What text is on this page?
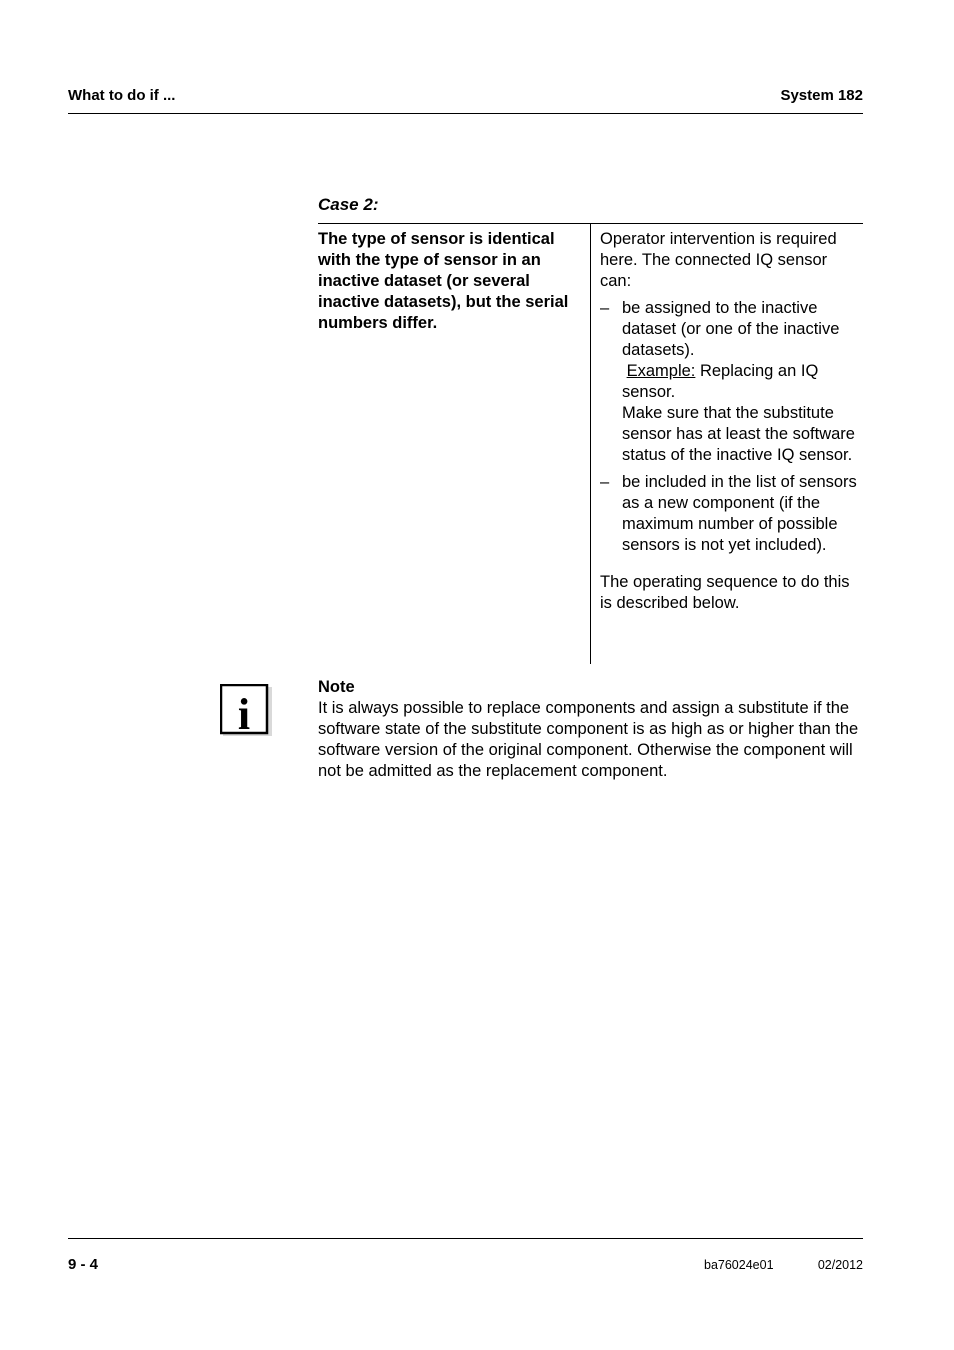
What to do if ...	System 182
Case 2:
The type of sensor is identical with the type of sensor in an inactive dataset (or several inactive datasets), but the serial numbers differ.

Operator intervention is required here. The connected IQ sensor can:

– be assigned to the inactive dataset (or one of the inactive datasets).
Example: Replacing an IQ sensor.
Make sure that the substitute sensor has at least the software status of the inactive IQ sensor.
– be included in the list of sensors as a new component (if the maximum number of possible sensors is not yet included).

The operating sequence to do this is described below.

i
Note
It is always possible to replace components and assign a substitute if the software state of the substitute component is as high as or higher than the software version of the original component. Otherwise the component will not be admitted as the replacement component.
9 - 4	ba76024e01	02/2012
